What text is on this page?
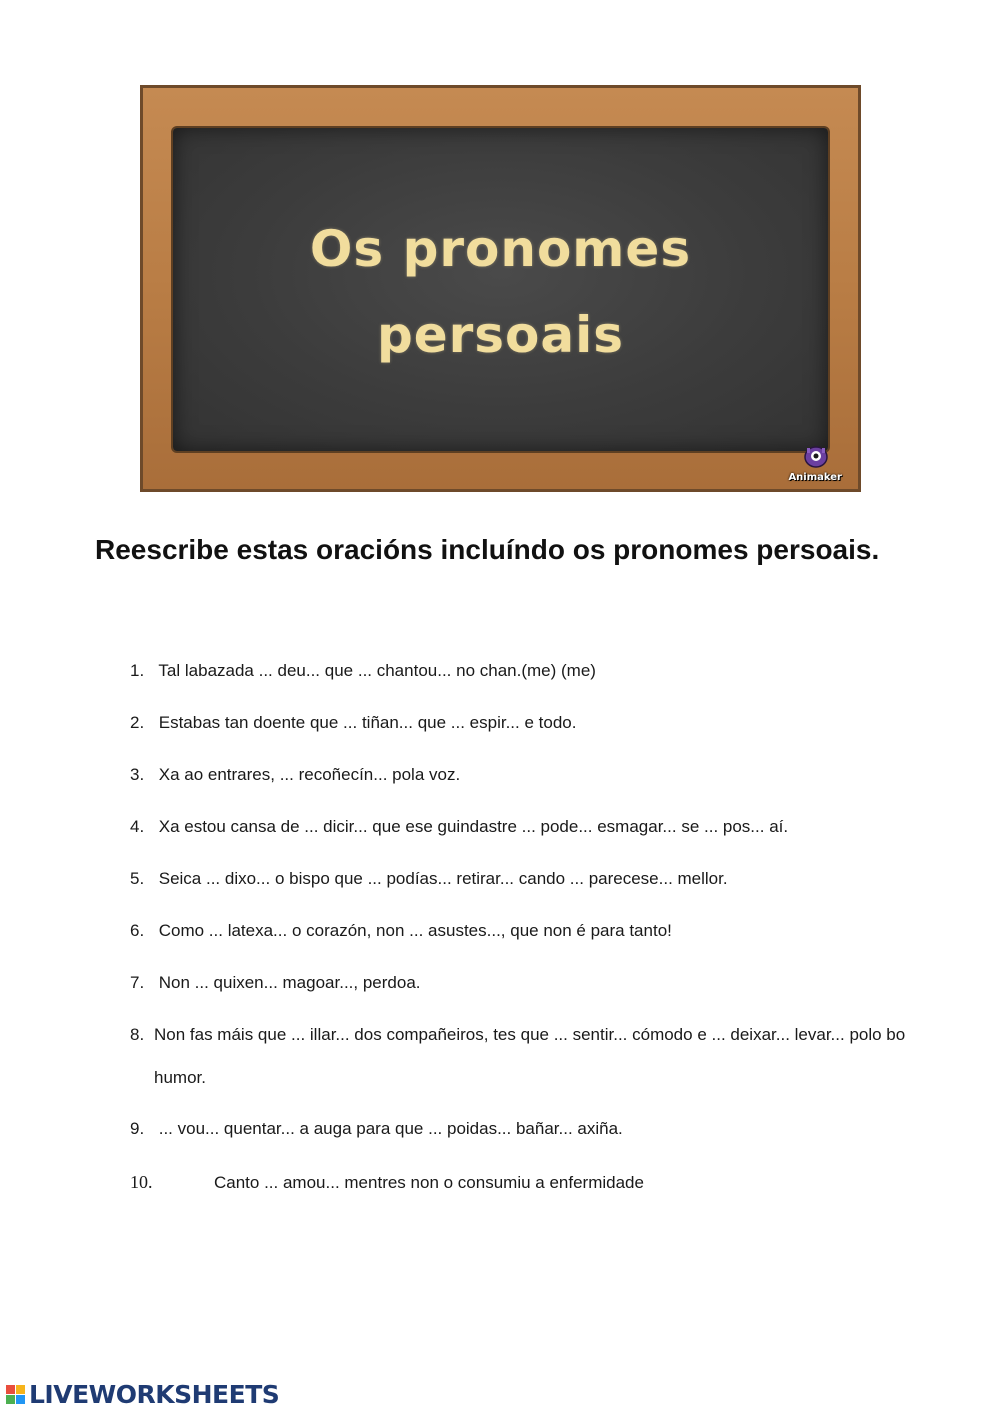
Os pronomes
persoais
Animaker
Reescribe estas oracións incluíndo os pronomes persoais.
1. Tal labazada ... deu... que ... chantou... no chan.(me) (me)
2. Estabas tan doente que ... tiñan... que ... espir... e todo.
3. Xa ao entrares, ... recoñecín... pola voz.
4. Xa estou cansa de ... dicir... que ese guindastre ... pode... esmagar... se ... pos... aí.
5. Seica ... dixo... o bispo que ... podías... retirar... cando ... parecese... mellor.
6. Como ... latexa... o corazón, non ... asustes..., que non é para tanto!
7. Non ... quixen... magoar..., perdoa.
8. Non fas máis que ... illar... dos compañeiros, tes que ... sentir... cómodo e ... deixar... levar... polo bo humor.
9. ... vou... quentar... a auga para que ... poidas... bañar... axiña.
10.	Canto ... amou... mentres non o consumiu a enfermidade
LIVEWORKSHEETS
